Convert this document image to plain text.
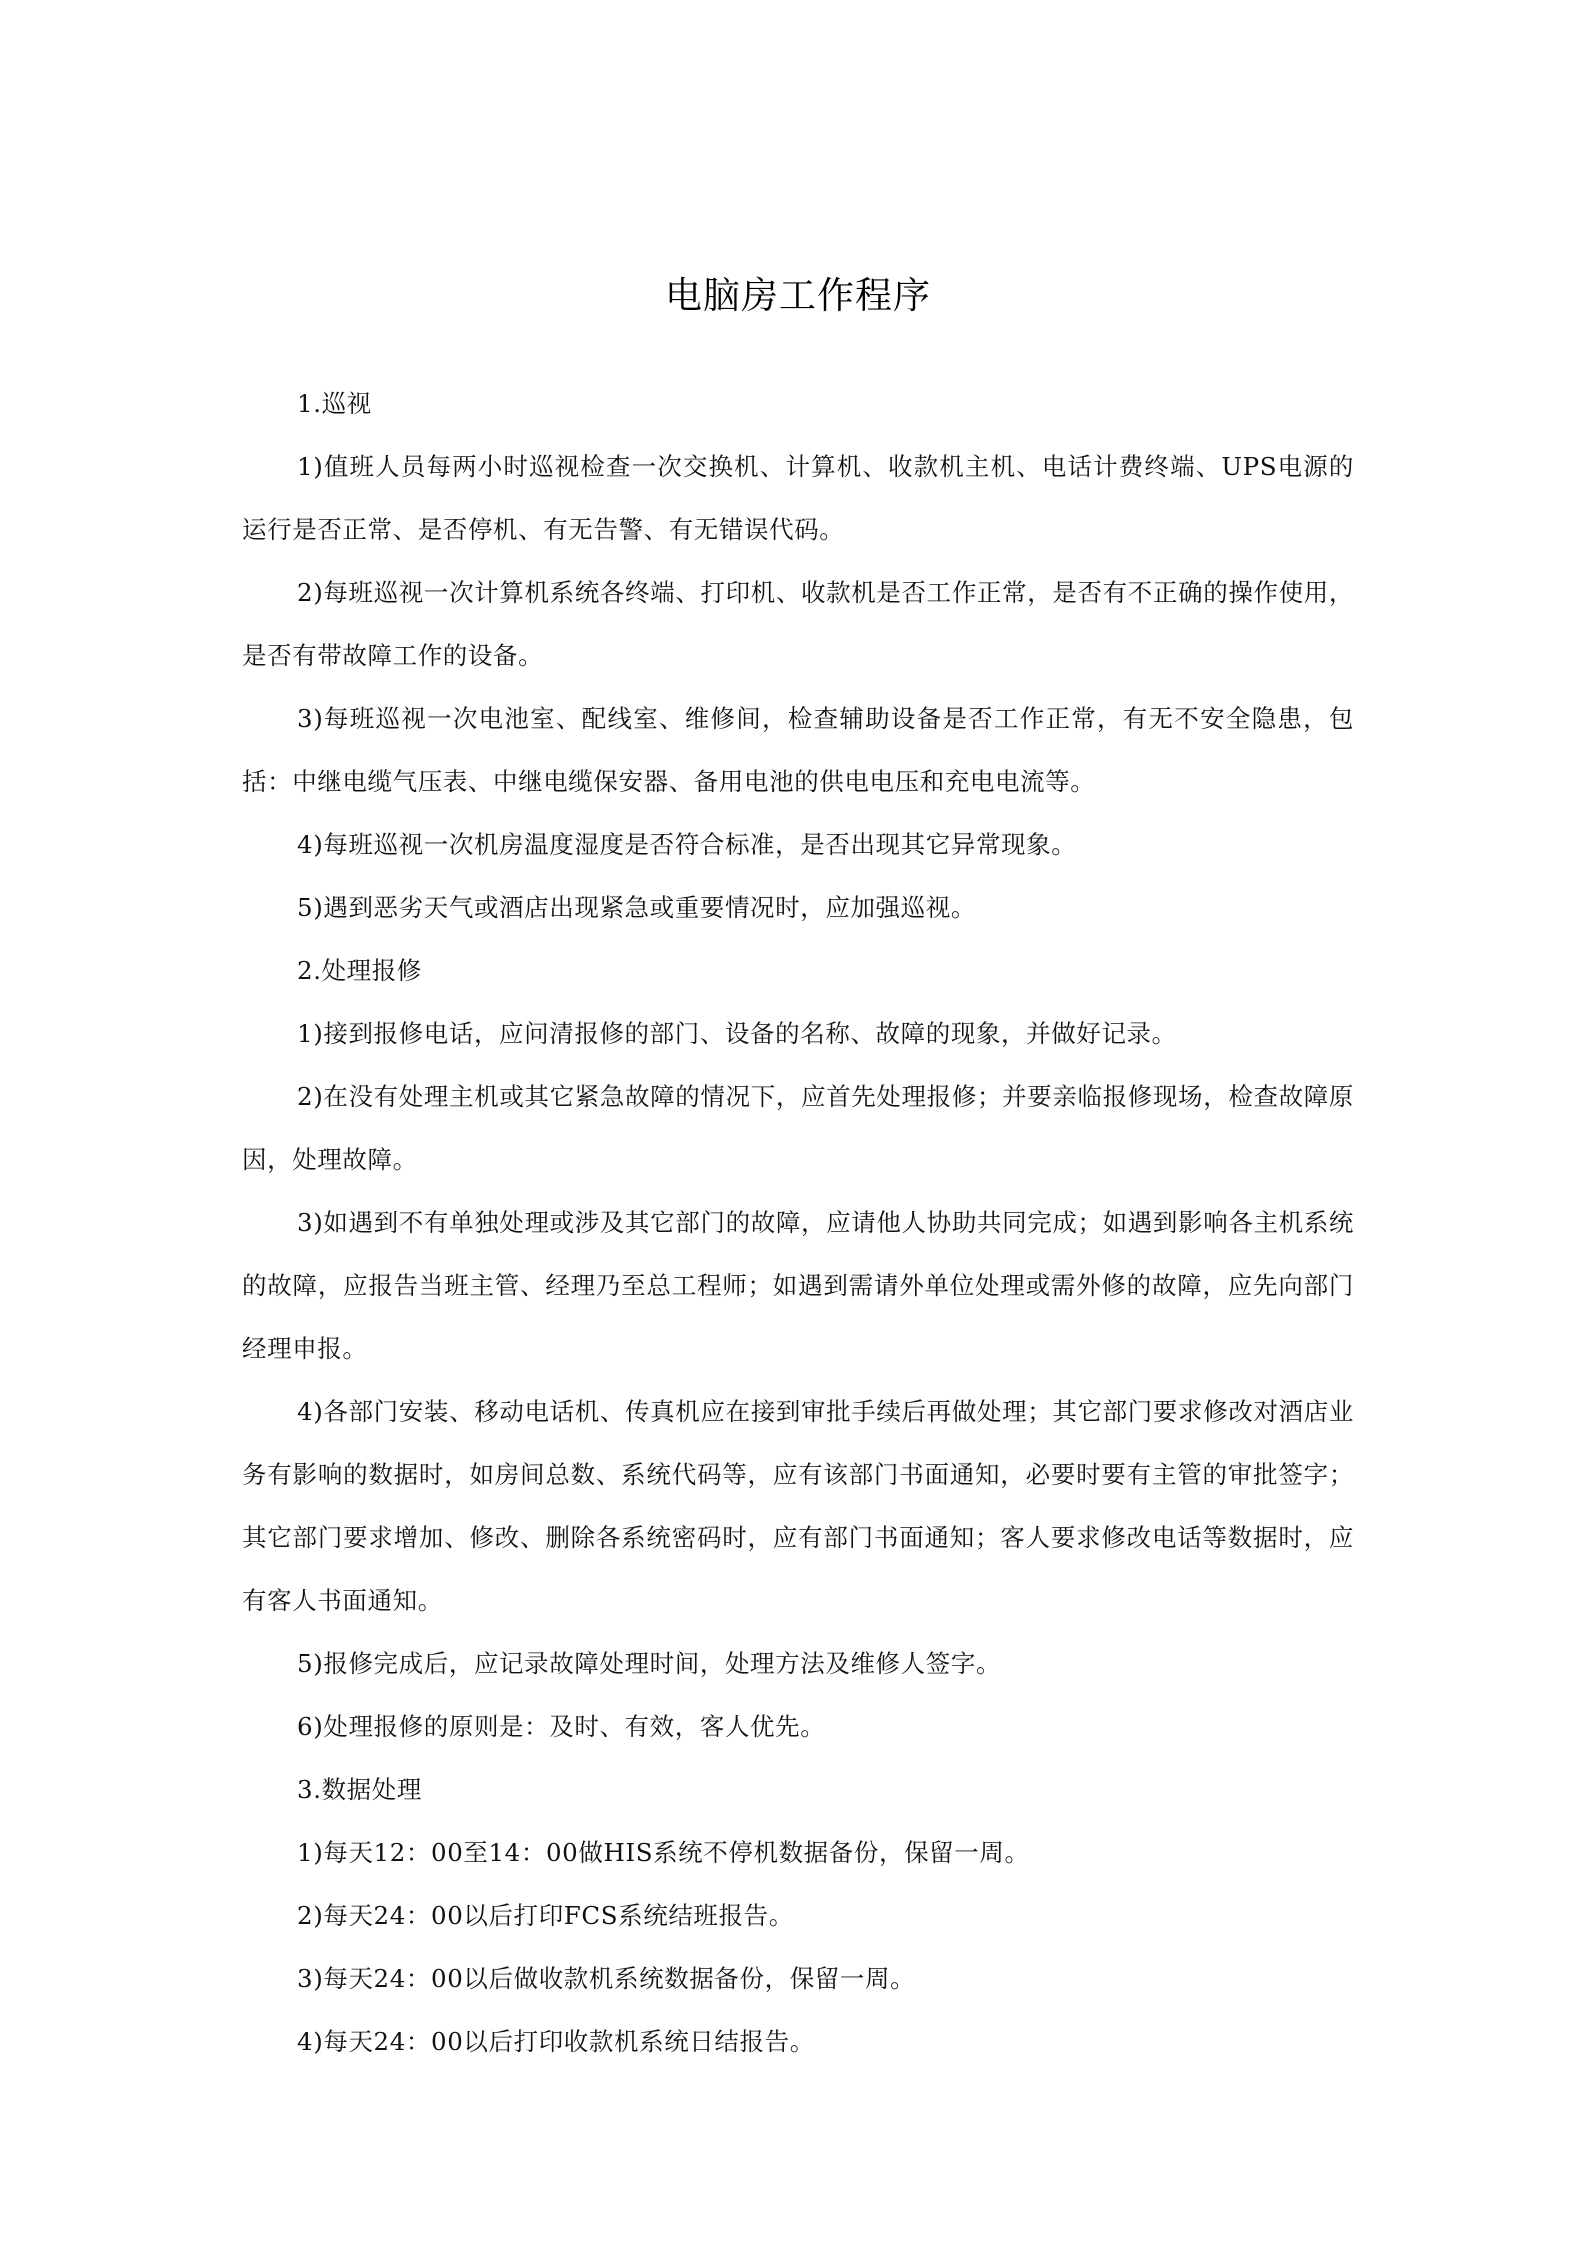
电脑房工作程序

1.巡视

1)值班人员每两小时巡视检查一次交换机、计算机、收款机主机、电话计费终端、UPS电源的运行是否正常、是否停机、有无告警、有无错误代码。

2)每班巡视一次计算机系统各终端、打印机、收款机是否工作正常，是否有不正确的操作使用，是否有带故障工作的设备。

3)每班巡视一次电池室、配线室、维修间，检查辅助设备是否工作正常，有无不安全隐患，包括：中继电缆气压表、中继电缆保安器、备用电池的供电电压和充电电流等。

4)每班巡视一次机房温度湿度是否符合标准，是否出现其它异常现象。

5)遇到恶劣天气或酒店出现紧急或重要情况时，应加强巡视。

2.处理报修

1)接到报修电话，应问清报修的部门、设备的名称、故障的现象，并做好记录。

2)在没有处理主机或其它紧急故障的情况下，应首先处理报修；并要亲临报修现场，检查故障原因，处理故障。

3)如遇到不有单独处理或涉及其它部门的故障，应请他人协助共同完成；如遇到影响各主机系统的故障，应报告当班主管、经理乃至总工程师；如遇到需请外单位处理或需外修的故障，应先向部门经理申报。

4)各部门安装、移动电话机、传真机应在接到审批手续后再做处理；其它部门要求修改对酒店业务有影响的数据时，如房间总数、系统代码等，应有该部门书面通知，必要时要有主管的审批签字；其它部门要求增加、修改、删除各系统密码时，应有部门书面通知；客人要求修改电话等数据时，应有客人书面通知。

5)报修完成后，应记录故障处理时间，处理方法及维修人签字。

6)处理报修的原则是：及时、有效，客人优先。

3.数据处理

1)每天12：00至14：00做HIS系统不停机数据备份，保留一周。

2)每天24：00以后打印FCS系统结班报告。

3)每天24：00以后做收款机系统数据备份，保留一周。

4)每天24：00以后打印收款机系统日结报告。
